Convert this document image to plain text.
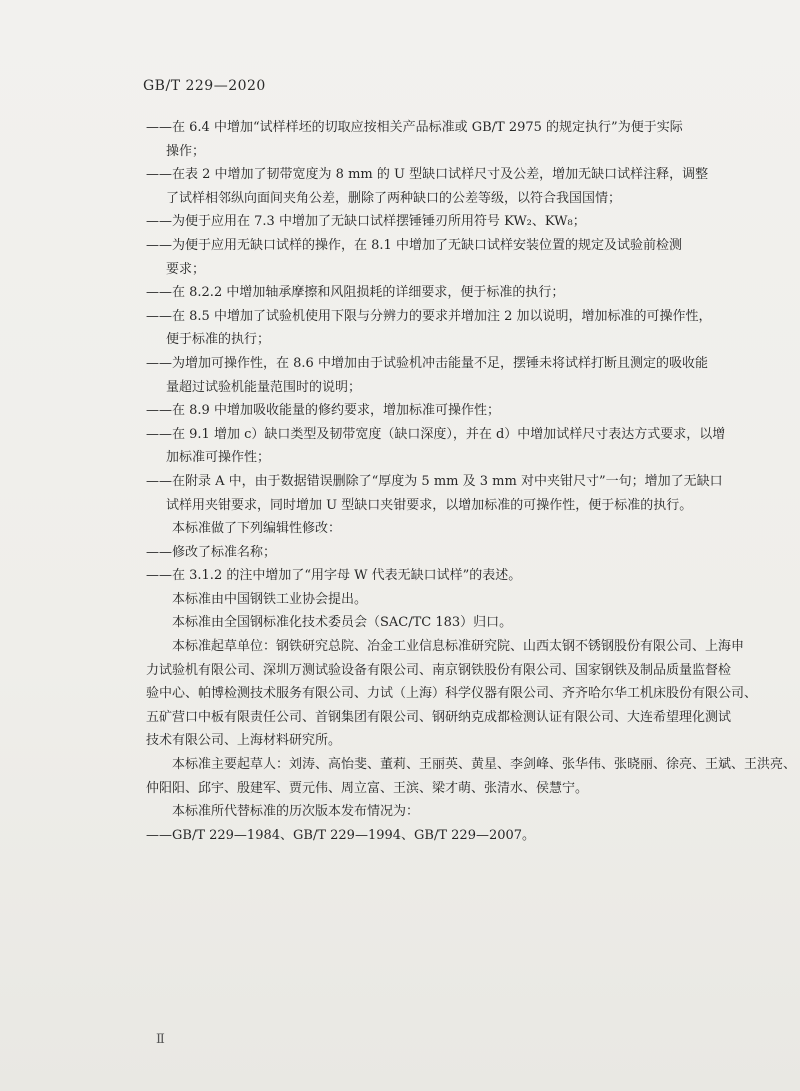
GB/T 229—2020
——在 6.4 中增加“试样样坯的切取应按相关产品标准或 GB/T 2975 的规定执行”为便于实际
操作；
——在表 2 中增加了韧带宽度为 8 mm 的 U 型缺口试样尺寸及公差，增加无缺口试样注释，调整
了试样相邻纵向面间夹角公差，删除了两种缺口的公差等级，以符合我国国情；
——为便于应用在 7.3 中增加了无缺口试样摆锤锤刃所用符号 KW₂、KW₈；
——为便于应用无缺口试样的操作，在 8.1 中增加了无缺口试样安装位置的规定及试验前检测
要求；
——在 8.2.2 中增加轴承摩擦和风阻损耗的详细要求，便于标准的执行；
——在 8.5 中增加了试验机使用下限与分辨力的要求并增加注 2 加以说明，增加标准的可操作性，
便于标准的执行；
——为增加可操作性，在 8.6 中增加由于试验机冲击能量不足，摆锤未将试样打断且测定的吸收能
量超过试验机能量范围时的说明；
——在 8.9 中增加吸收能量的修约要求，增加标准可操作性；
——在 9.1 增加 c）缺口类型及韧带宽度（缺口深度），并在 d）中增加试样尺寸表达方式要求，以增
加标准可操作性；
——在附录 A 中，由于数据错误删除了“厚度为 5 mm 及 3 mm 对中夹钳尺寸”一句；增加了无缺口
试样用夹钳要求，同时增加 U 型缺口夹钳要求，以增加标准的可操作性，便于标准的执行。
本标准做了下列编辑性修改：
——修改了标准名称；
——在 3.1.2 的注中增加了“用字母 W 代表无缺口试样”的表述。
本标准由中国钢铁工业协会提出。
本标准由全国钢标准化技术委员会（SAC/TC 183）归口。
本标准起草单位：钢铁研究总院、冶金工业信息标准研究院、山西太钢不锈钢股份有限公司、上海申
力试验机有限公司、深圳万测试验设备有限公司、南京钢铁股份有限公司、国家钢铁及制品质量监督检
验中心、帕博检测技术服务有限公司、力试（上海）科学仪器有限公司、齐齐哈尔华工机床股份有限公司、
五矿营口中板有限责任公司、首钢集团有限公司、钢研纳克成都检测认证有限公司、大连希望理化测试
技术有限公司、上海材料研究所。
本标准主要起草人：刘涛、高怡斐、董莉、王丽英、黄星、李剑峰、张华伟、张晓丽、徐亮、王斌、王洪亮、
仲阳阳、邱宇、殷建军、贾元伟、周立富、王滨、梁才萌、张清水、侯慧宁。
本标准所代替标准的历次版本发布情况为：
——GB/T 229—1984、GB/T 229—1994、GB/T 229—2007。
Ⅱ
